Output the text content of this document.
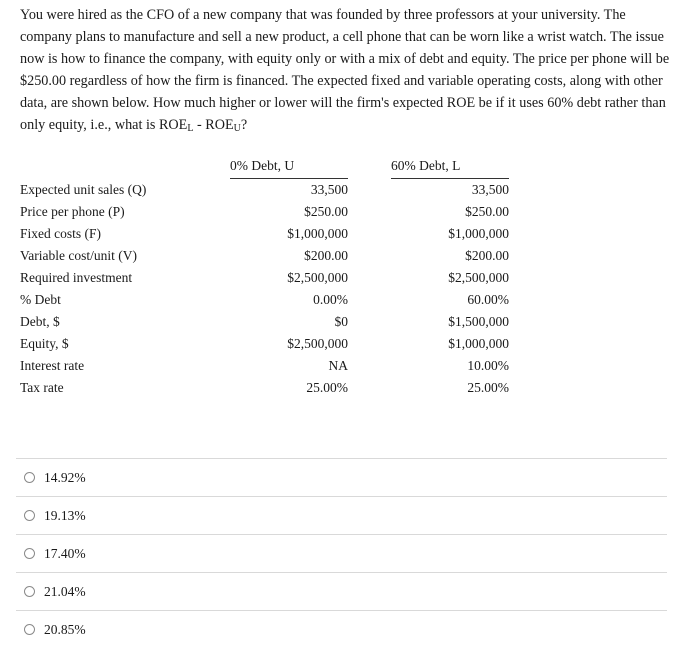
You were hired as the CFO of a new company that was founded by three professors at your university. The company plans to manufacture and sell a new product, a cell phone that can be worn like a wrist watch. The issue now is how to finance the company, with equity only or with a mix of debt and equity. The price per phone will be $250.00 regardless of how the firm is financed. The expected fixed and variable operating costs, along with other data, are shown below. How much higher or lower will the firm's expected ROE be if it uses 60% debt rather than only equity, i.e., what is $ROE_L - ROE_U$?
	0% Debt, U		60% Debt, L
Expected unit sales (Q)	33,500		33,500
Price per phone (P)	$250.00		$250.00
Fixed costs (F)	$1,000,000		$1,000,000
Variable cost/unit (V)	$200.00		$200.00
Required investment	$2,500,000		$2,500,000
% Debt	0.00%		60.00%
Debt, $	$0		$1,500,000
Equity, $	$2,500,000		$1,000,000
Interest rate	NA		10.00%
Tax rate	25.00%		25.00%
14.92%
19.13%
17.40%
21.04%
20.85%
